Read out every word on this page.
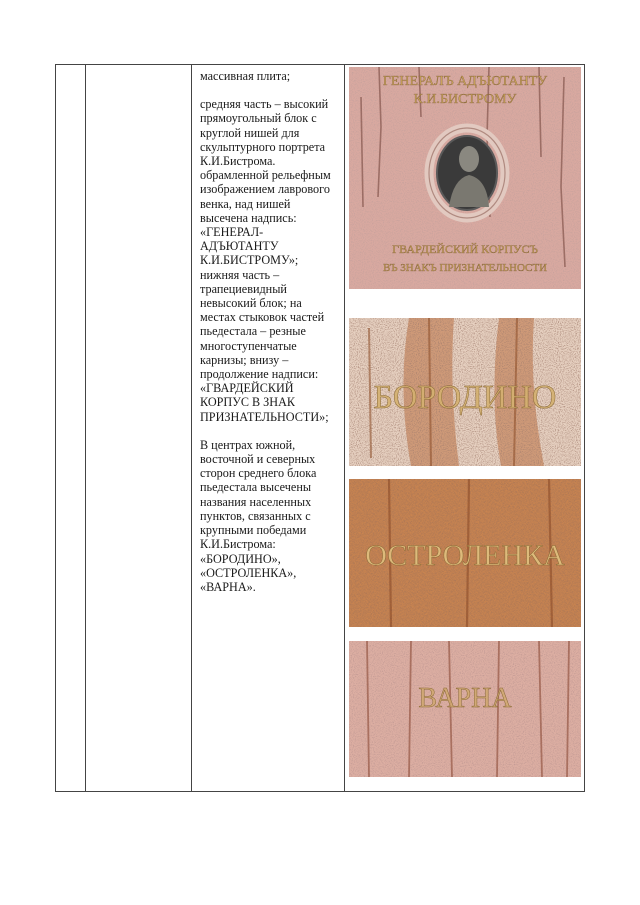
массивная плита;

средняя часть – высокий прямоугольный блок с круглой нишей для скульптурного портрета К.И.Бистрома. обрамленной рельефным изображением лаврового венка, над нишей высечена надпись: «ГЕНЕРАЛ-АДЪЮТАНТУ К.И.БИСТРОМУ»; нижняя часть – трапециевидный невысокий блок; на местах стыковок частей пьедестала – резные многоступенчатые карнизы; внизу – продолжение надписи: «ГВАРДЕЙСКИЙ КОРПУС В ЗНАК ПРИЗНАТЕЛЬНОСТИ»;

В центрах южной, восточной и северных сторон среднего блока пьедестала высечены названия населенных пунктов, связанных с крупными победами К.И.Бистрома: «БОРОДИНО», «ОСТРОЛЕНКА», «ВАРНА».

ГЕНЕРАЛЪ АДЪЮТАНТУ
К.И.БИСТРОМУ
ГВАРДЕЙСКИЙ КОРПУСЪ
ВЪ ЗНАКЪ ПРИЗНАТЕЛЬНОСТИ
БОРОДИНО
ОСТРОЛЕНКА
ВАРНА
